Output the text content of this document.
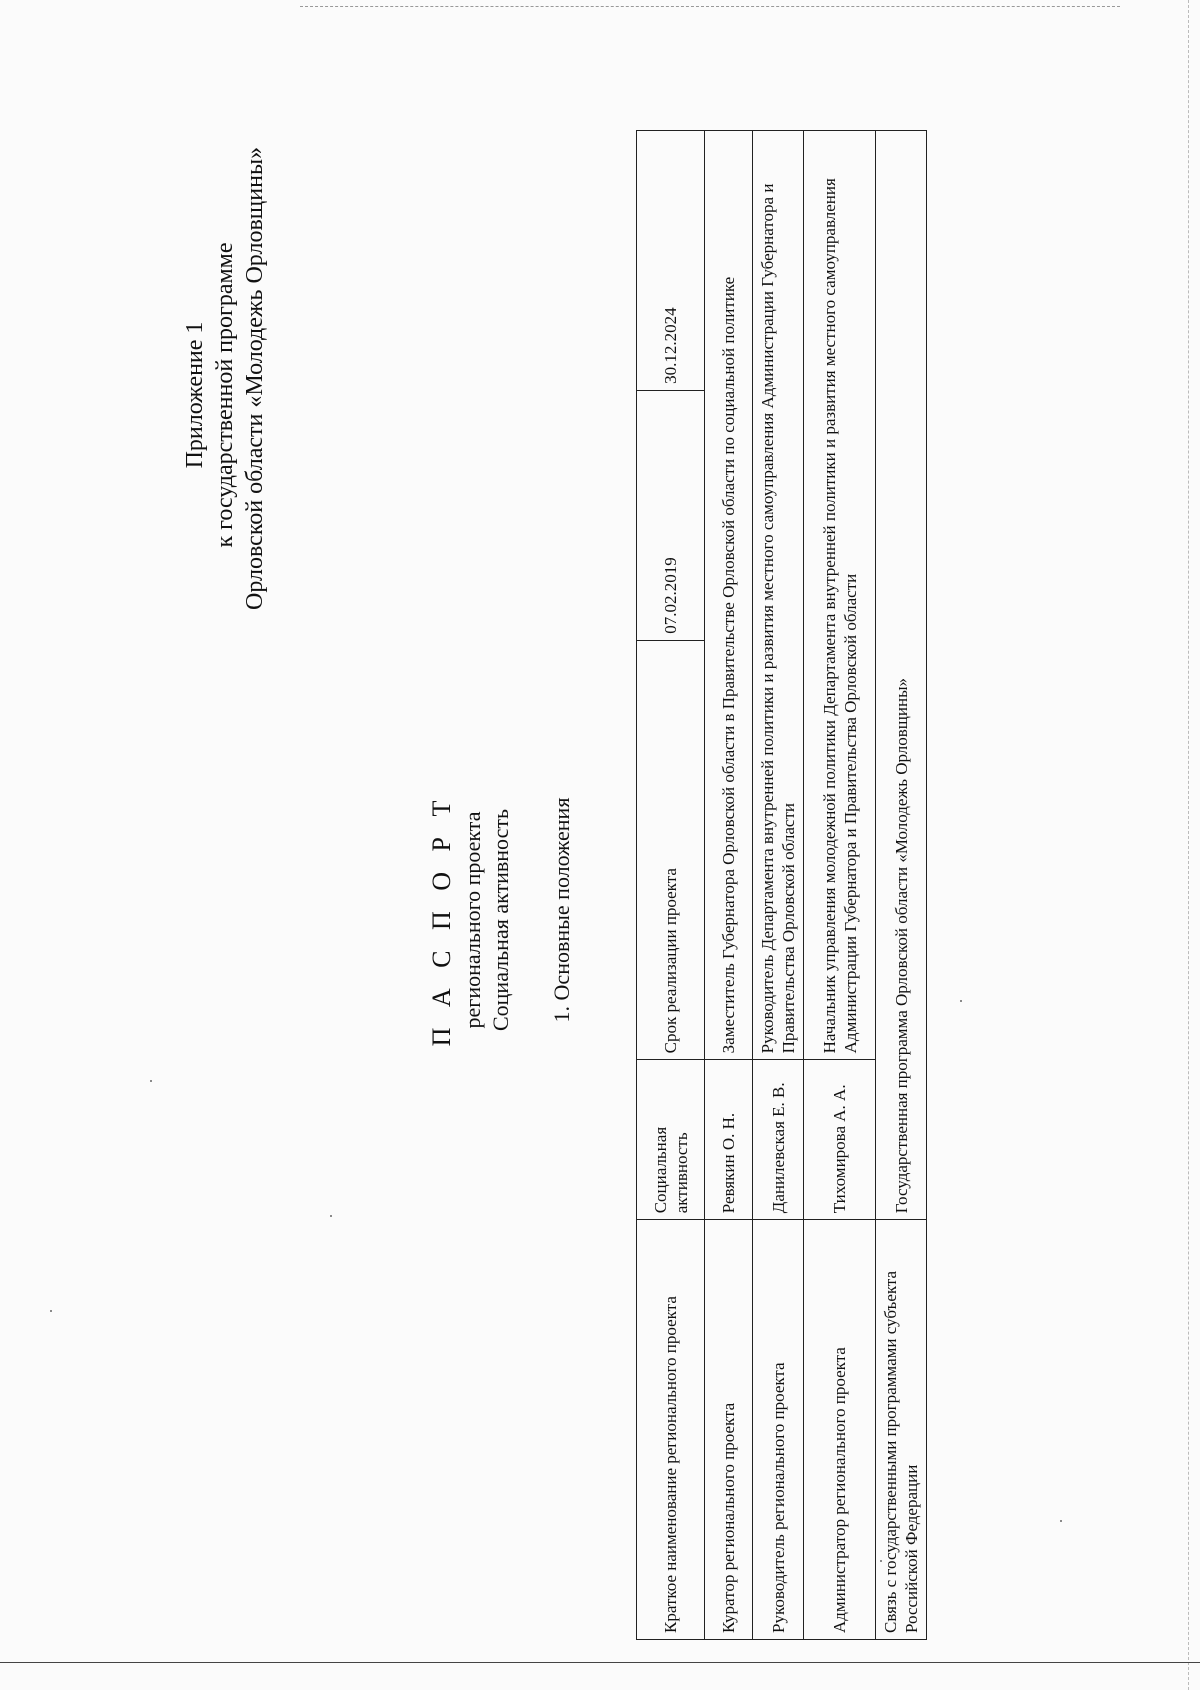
Приложение 1 к государственной программе Орловской области «Молодежь Орловщины»
П А С П О Р Т регионального проекта Социальная активность 1. Основные положения
Краткое наименование регионального проекта	Социальная активность	Срок реализации проекта	07.02.2019	30.12.2024
Куратор регионального проекта	Ревякин О. Н.	Заместитель Губернатора Орловской области в Правительстве Орловской области по социальной политике		
Руководитель регионального проекта	Данилевская Е. В.	Руководитель Департамента внутренней политики и развития местного самоуправления Администрации Губернатора и Правительства Орловской области		
Администратор регионального проекта	Тихомирова А. А.	Начальник управления молодежной политики Департамента внутренней политики и развития местного самоуправления Администрации Губернатора и Правительства Орловской области		
Связь с государственными программами субъекта Российской Федерации	Государственная программа Орловской области «Молодежь Орловщины»			
